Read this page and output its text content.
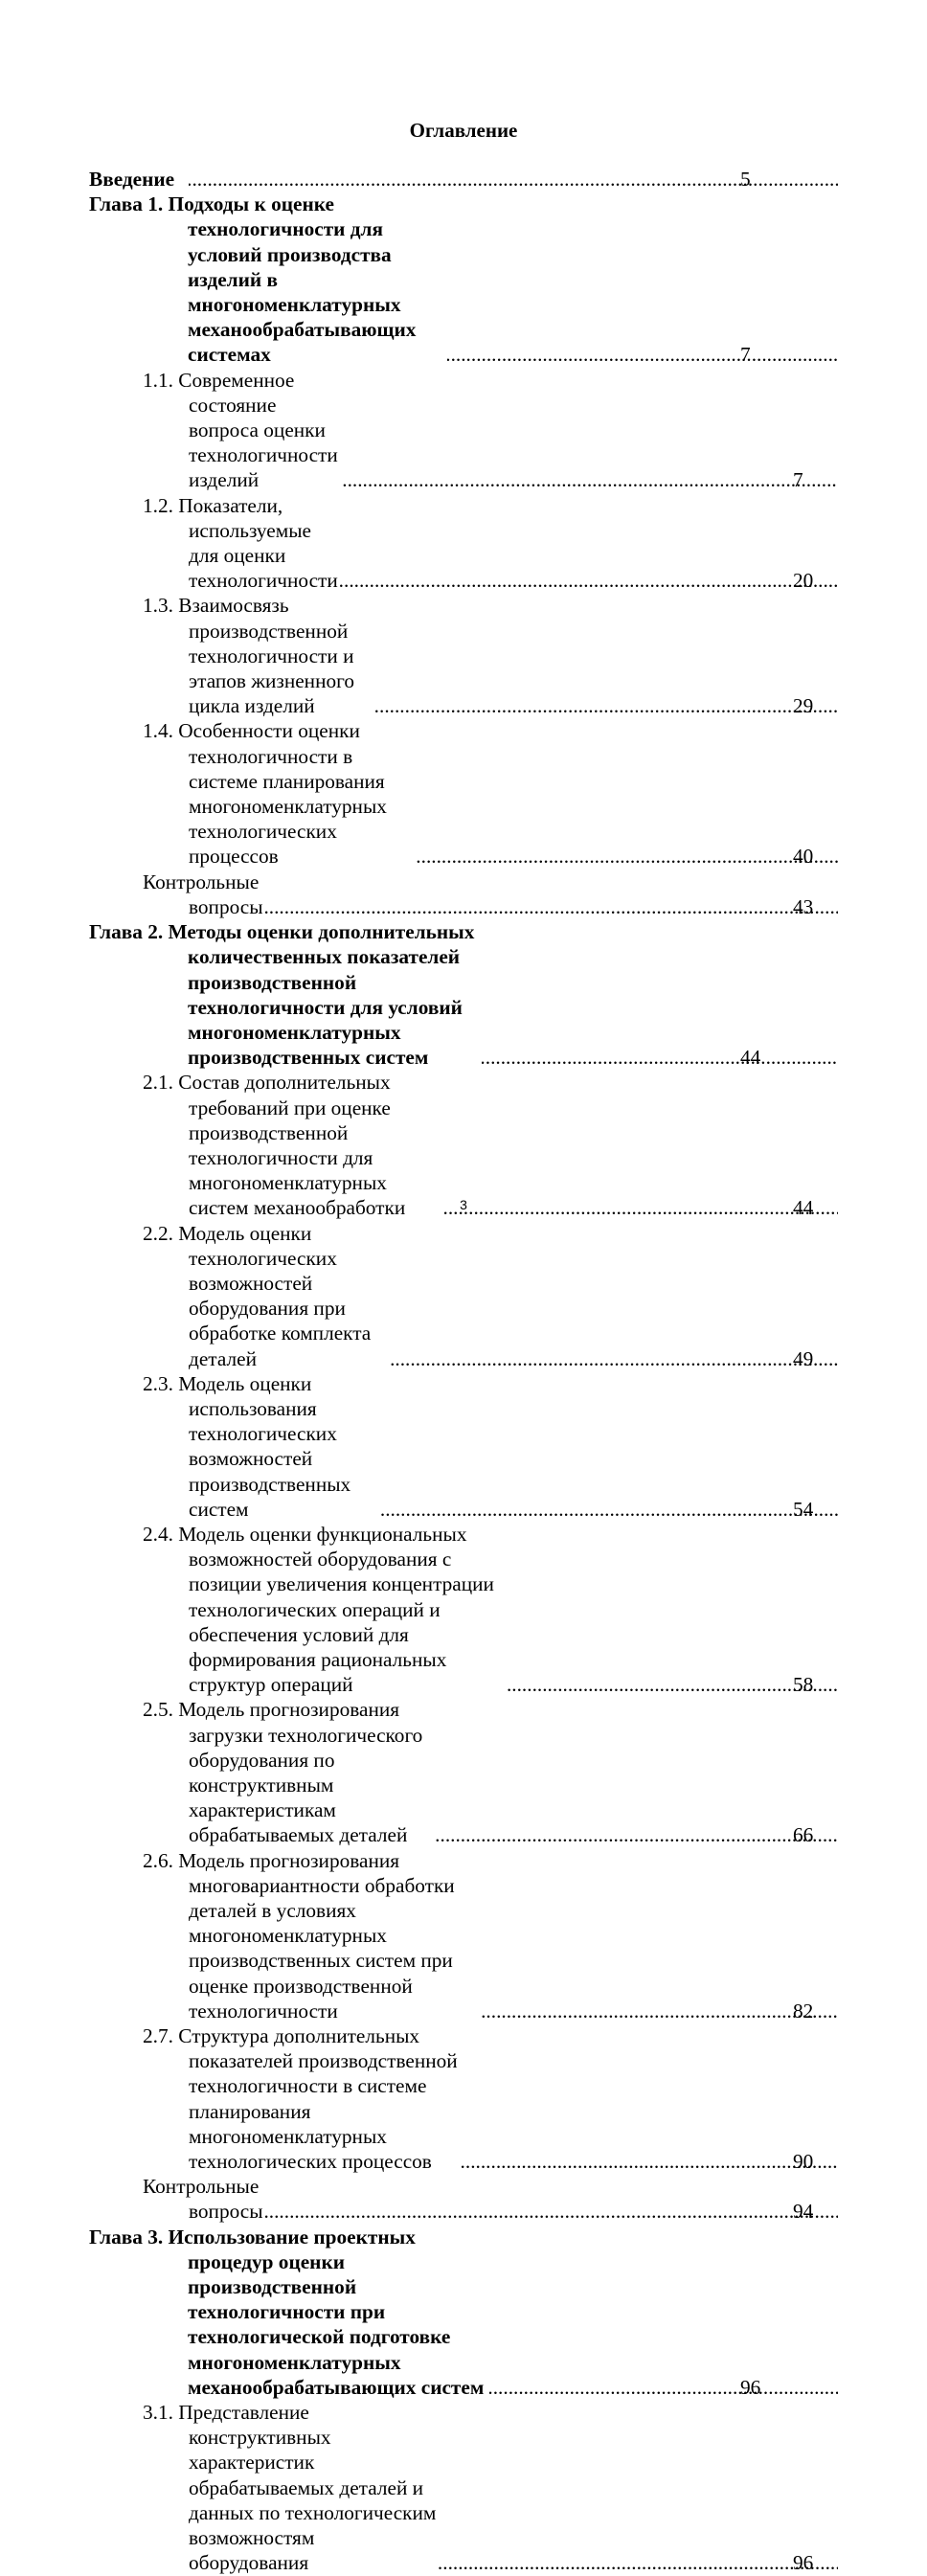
Оглавление
Введение .....	5
Глава 1. Подходы к оценке технологичности для условий производства изделий в многономенклатурных механообрабатывающих системах .....	7
1.1. Современное состояние вопроса оценки технологичности изделий .....	7
1.2. Показатели, используемые для оценки технологичности .....	20
1.3. Взаимосвязь производственной технологичности и этапов жизненного цикла изделий .....	29
1.4. Особенности оценки технологичности в системе планирования многономенклатурных технологических процессов .....	40
Контрольные вопросы .....	43
Глава 2. Методы оценки дополнительных количественных показателей производственной технологичности для условий многономенклатурных производственных систем .....	44
2.1. Состав дополнительных требований при оценке производственной технологичности для многономенклатурных систем механообработки .....	44
2.2. Модель оценки технологических возможностей оборудования при обработке комплекта деталей .....	49
2.3. Модель оценки использования технологических возможностей производственных систем .....	54
2.4. Модель оценки функциональных возможностей оборудования с позиции увеличения концентрации технологических операций и обеспечения условий для формирования рациональных структур операций .....	58
2.5. Модель прогнозирования загрузки технологического оборудования по конструктивным характеристикам обрабатываемых деталей .....	66
2.6. Модель прогнозирования многовариантности обработки деталей в условиях многономенклатурных производственных систем при оценке производственной технологичности .....	82
2.7. Структура дополнительных показателей производственной технологичности в системе планирования многономенклатурных технологических процессов .....	90
Контрольные вопросы .....	94
Глава 3. Использование проектных процедур оценки производственной технологичности при технологической подготовке многономенклатурных механообрабатывающих систем .....	96
3.1. Представление конструктивных характеристик обрабатываемых деталей и данных по технологическим возможностям оборудования .....	96
3
